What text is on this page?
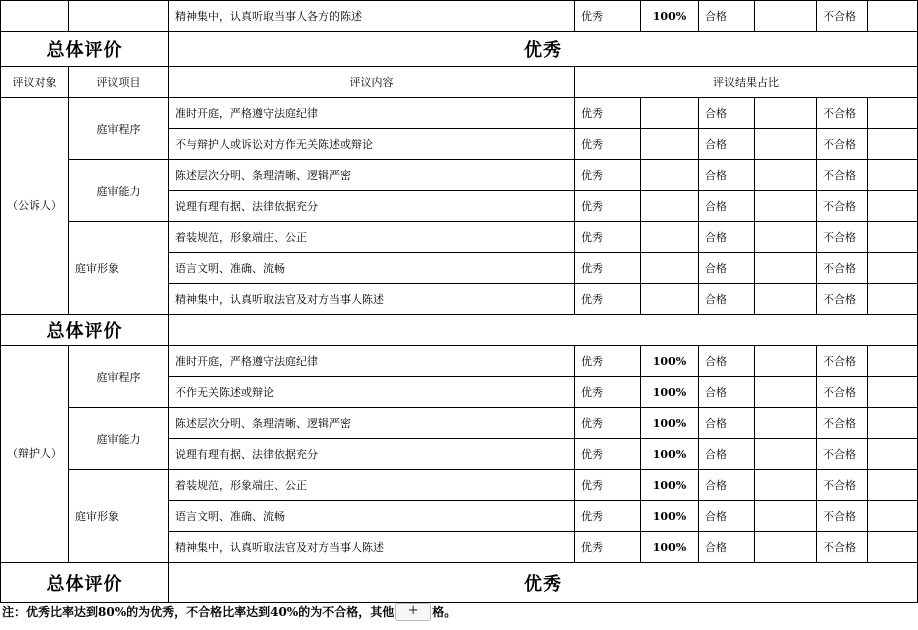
		精神集中，认真听取当事人各方的陈述	优秀	100%	合格		不合格	
总体评价		优秀						
评议对象	评议项目	评议内容	评议结果占比					
（公诉人）	庭审程序	准时开庭，严格遵守法庭纪律	优秀		合格		不合格	
		不与辩护人或诉讼对方作无关陈述或辩论	优秀		合格		不合格	
	庭审能力	陈述层次分明、条理清晰、逻辑严密	优秀		合格		不合格	
		说理有理有据、法律依据充分	优秀		合格		不合格	
	庭审形象	着装规范，形象端庄、公正	优秀		合格		不合格	
		语言文明、准确、流畅	优秀		合格		不合格	
		精神集中，认真听取法官及对方当事人陈述	优秀		合格		不合格	
总体评价								
（辩护人）	庭审程序	准时开庭，严格遵守法庭纪律	优秀	100%	合格		不合格	
		不作无关陈述或辩论	优秀	100%	合格		不合格	
	庭审能力	陈述层次分明、条理清晰、逻辑严密	优秀	100%	合格		不合格	
		说理有理有据、法律依据充分	优秀	100%	合格		不合格	
	庭审形象	着装规范，形象端庄、公正	优秀	100%	合格		不合格	
		语言文明、准确、流畅	优秀	100%	合格		不合格	
		精神集中，认真听取法官及对方当事人陈述	优秀	100%	合格		不合格	
总体评价		优秀						
注：优秀比率达到80%的为优秀，不合格比率达到40%的为不合格，其他 + 格。
